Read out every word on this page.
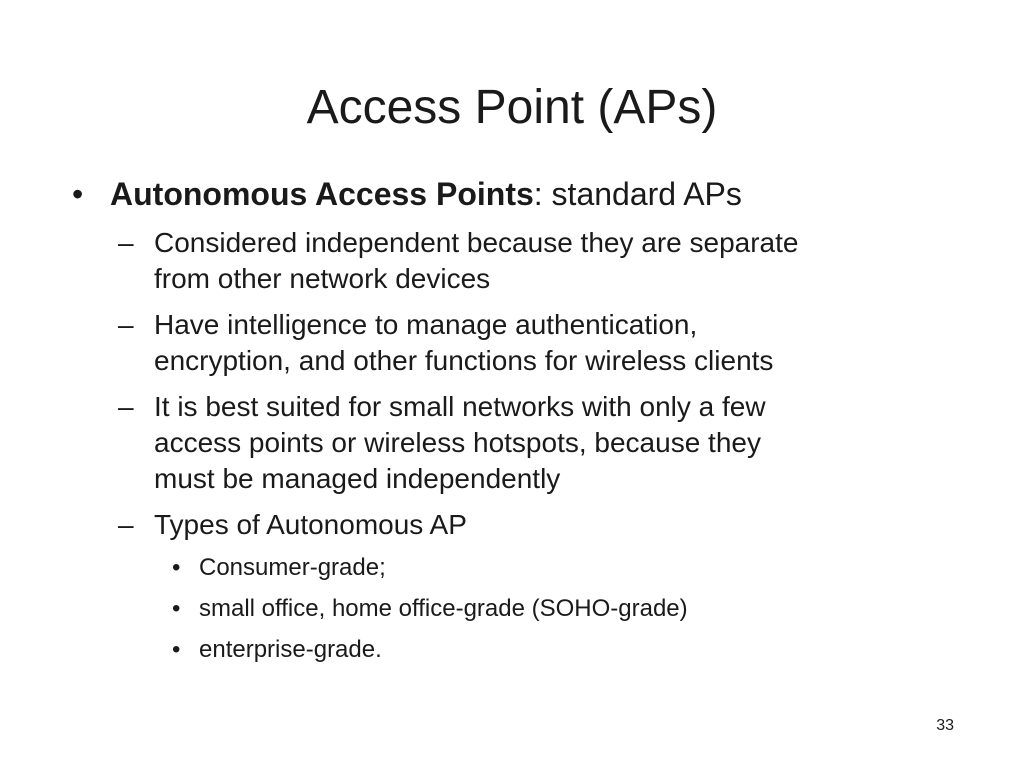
Access Point (APs)
• Autonomous Access Points: standard APs
– Considered independent because they are separate
from other network devices
– Have intelligence to manage authentication,
encryption, and other functions for wireless clients
– It is best suited for small networks with only a few
access points or wireless hotspots, because they
must be managed independently
– Types of Autonomous AP
• Consumer-grade;
• small office, home office-grade (SOHO-grade)
• enterprise-grade.
33
